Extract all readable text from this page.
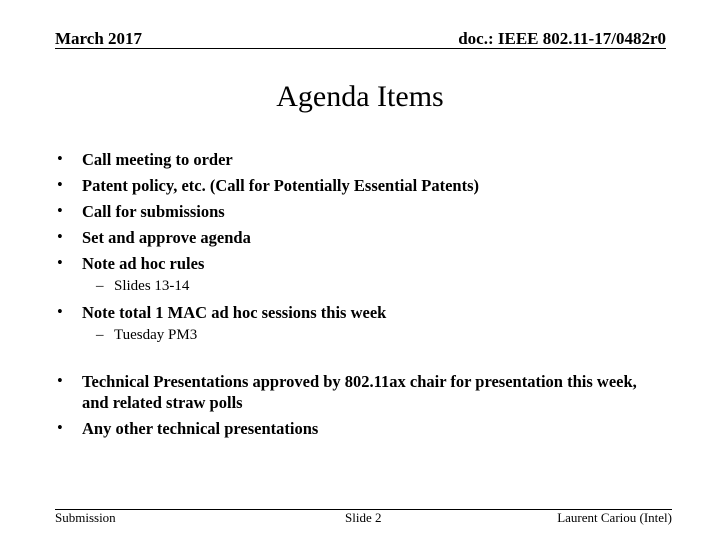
March 2017	doc.: IEEE 802.11-17/0482r0
Agenda Items
• Call meeting to order
• Patent policy, etc. (Call for Potentially Essential Patents)
• Call for submissions
• Set and approve agenda
• Note ad hoc rules
– Slides 13-14
• Note total 1 MAC ad hoc sessions this week
– Tuesday PM3
• Technical Presentations approved by 802.11ax chair for presentation this week, and related straw polls
• Any other technical presentations
Submission	Slide 2	Laurent Cariou (Intel)
